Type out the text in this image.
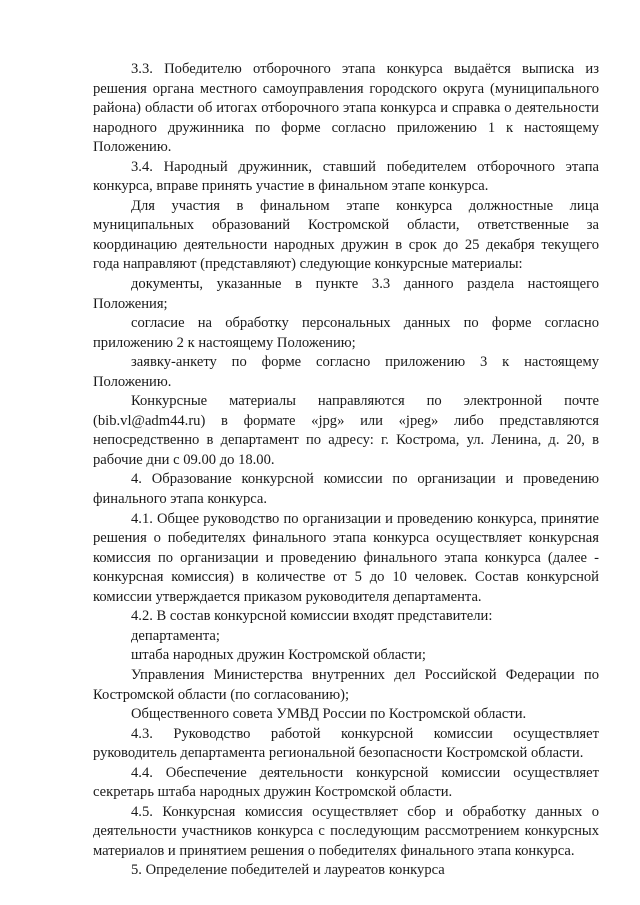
3.3. Победителю отборочного этапа конкурса выдаётся выписка из решения органа местного самоуправления городского округа (муниципального района) области об итогах отборочного этапа конкурса и справка о деятельности народного дружинника по форме согласно приложению 1 к настоящему Положению.

3.4. Народный дружинник, ставший победителем отборочного этапа конкурса, вправе принять участие в финальном этапе конкурса.

Для участия в финальном этапе конкурса должностные лица муниципальных образований Костромской области, ответственные за координацию деятельности народных дружин в срок до 25 декабря текущего года направляют (представляют) следующие конкурсные материалы:

документы, указанные в пункте 3.3 данного раздела настоящего Положения;

согласие на обработку персональных данных по форме согласно приложению 2 к настоящему Положению;

заявку-анкету по форме согласно приложению 3 к настоящему Положению.

Конкурсные материалы направляются по электронной почте (bib.vl@adm44.ru) в формате «jpg» или «jpeg» либо представляются непосредственно в департамент по адресу: г. Кострома, ул. Ленина, д. 20, в рабочие дни с 09.00 до 18.00.

4. Образование конкурсной комиссии по организации и проведению финального этапа конкурса.

4.1. Общее руководство по организации и проведению конкурса, принятие решения о победителях финального этапа конкурса осуществляет конкурсная комиссия по организации и проведению финального этапа конкурса (далее - конкурсная комиссия) в количестве от 5 до 10 человек. Состав конкурсной комиссии утверждается приказом руководителя департамента.

4.2. В состав конкурсной комиссии входят представители:

департамента;

штаба народных дружин Костромской области;

Управления Министерства внутренних дел Российской Федерации по Костромской области (по согласованию);

Общественного совета УМВД России по Костромской области.

4.3. Руководство работой конкурсной комиссии осуществляет руководитель департамента региональной безопасности Костромской области.

4.4. Обеспечение деятельности конкурсной комиссии осуществляет секретарь штаба народных дружин Костромской области.

4.5. Конкурсная комиссия осуществляет сбор и обработку данных о деятельности участников конкурса с последующим рассмотрением конкурсных материалов и принятием решения о победителях финального этапа конкурса.

5. Определение победителей и лауреатов конкурса
